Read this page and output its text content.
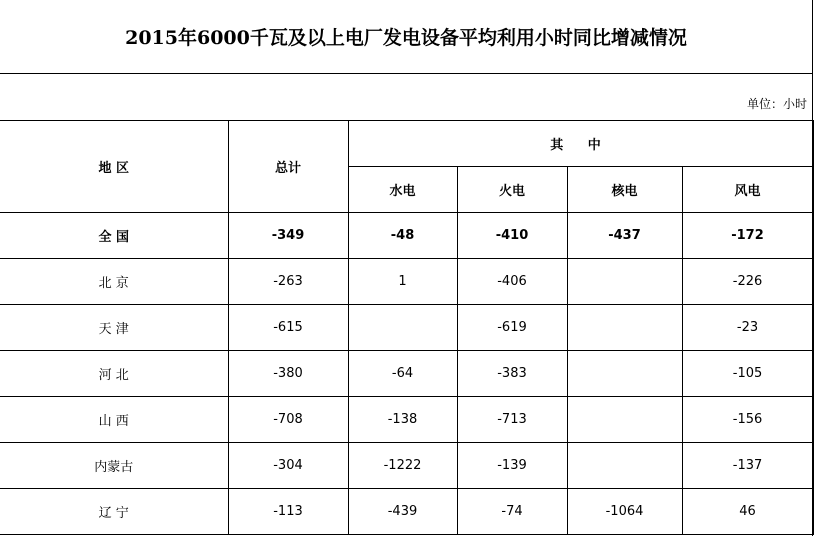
2015年6000千瓦及以上电厂发电设备平均利用小时同比增减情况
单位：小时
地 区	总计	其 中			
		水电	火电	核电	风电
全 国	-349	-48	-410	-437	-172
北 京	-263	1	-406		-226
天 津	-615		-619		-23
河 北	-380	-64	-383		-105
山 西	-708	-138	-713		-156
内蒙古	-304	-1222	-139		-137
辽 宁	-113	-439	-74	-1064	46
